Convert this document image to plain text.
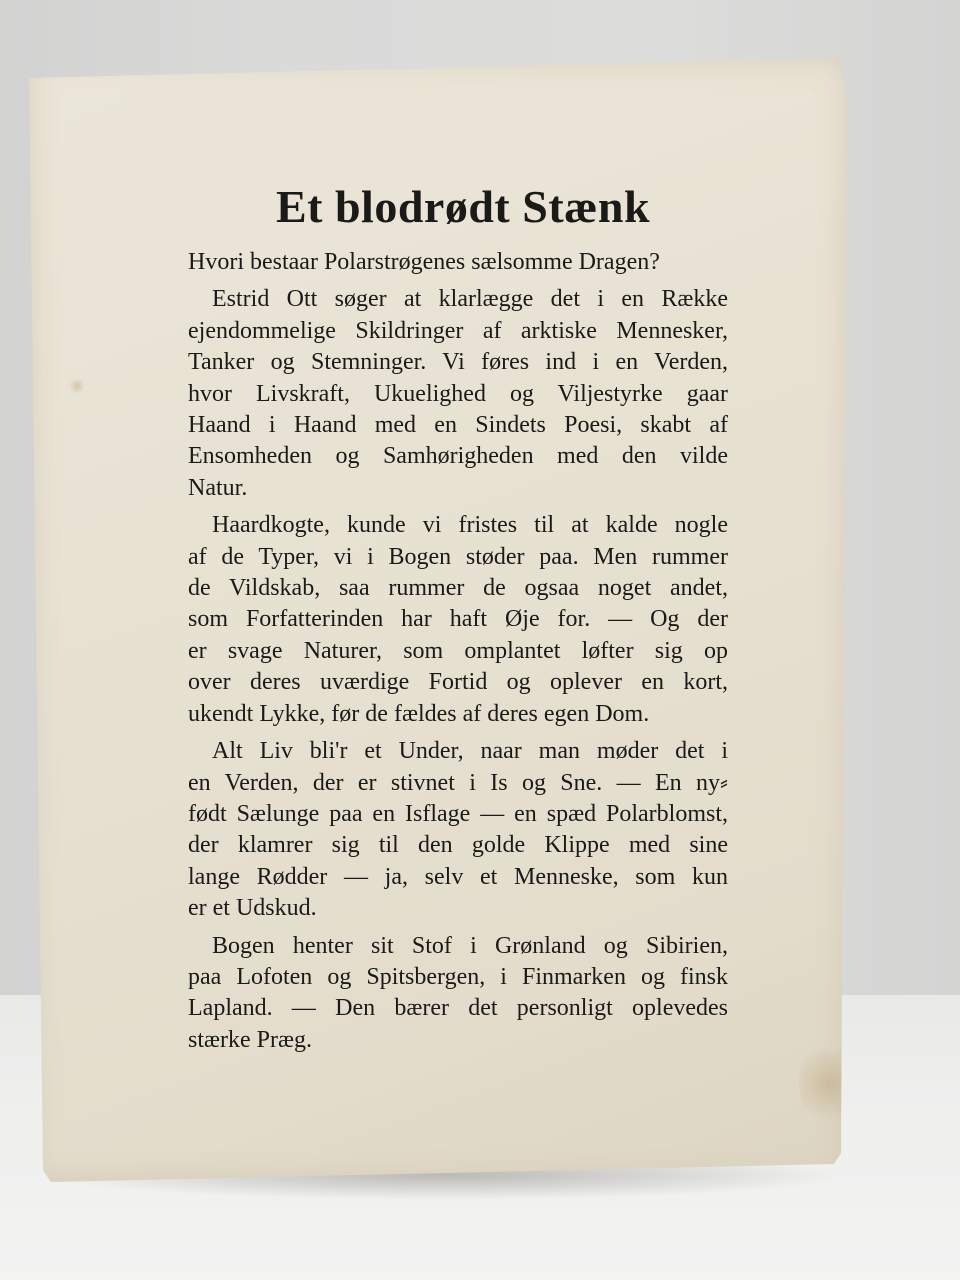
Et blodrødt Stænk
Hvori bestaar Polarstrøgenes sælsomme Dragen?
Estrid Ott søger at klarlægge det i en Række
ejendommelige Skildringer af arktiske Mennesker,
Tanker og Stemninger. Vi føres ind i en Verden,
hvor Livskraft, Ukuelighed og Viljestyrke gaar
Haand i Haand med en Sindets Poesi, skabt af
Ensomheden og Samhørigheden med den vilde
Natur.
Haardkogte, kunde vi fristes til at kalde nogle
af de Typer, vi i Bogen støder paa. Men rummer
de Vildskab, saa rummer de ogsaa noget andet,
som Forfatterinden har haft Øje for. — Og der
er svage Naturer, som omplantet løfter sig op
over deres uværdige Fortid og oplever en kort,
ukendt Lykke, før de fældes af deres egen Dom.
Alt Liv bli'r et Under, naar man møder det i
en Verden, der er stivnet i Is og Sne. — En ny⸗
født Sælunge paa en Isflage — en spæd Polarblomst,
der klamrer sig til den golde Klippe med sine
lange Rødder — ja, selv et Menneske, som kun
er et Udskud.
Bogen henter sit Stof i Grønland og Sibirien,
paa Lofoten og Spitsbergen, i Finmarken og finsk
Lapland. — Den bærer det personligt oplevedes
stærke Præg.
